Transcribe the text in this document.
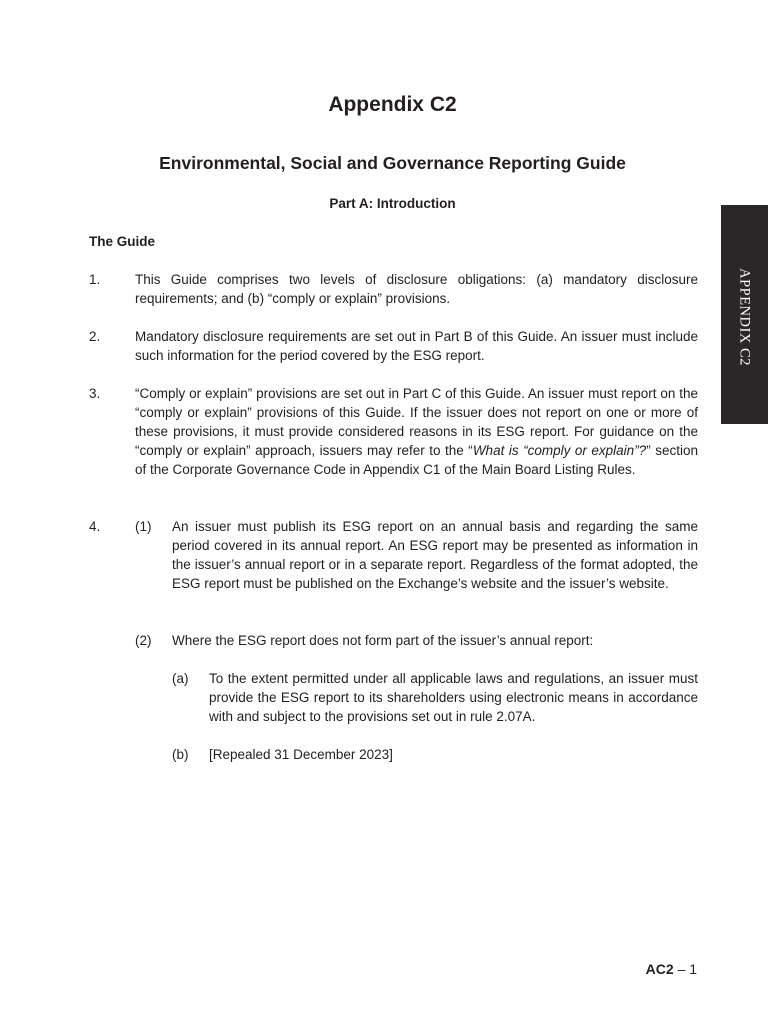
Appendix C2
Environmental, Social and Governance Reporting Guide
Part A: Introduction
The Guide
1.	This Guide comprises two levels of disclosure obligations: (a) mandatory disclosure requirements; and (b) “comply or explain” provisions.

2.	Mandatory disclosure requirements are set out in Part B of this Guide. An issuer must include such information for the period covered by the ESG report.

3.	“Comply or explain” provisions are set out in Part C of this Guide. An issuer must report on the “comply or explain” provisions of this Guide. If the issuer does not report on one or more of these provisions, it must provide considered reasons in its ESG report. For guidance on the “comply or explain” approach, issuers may refer to the “What is “comply or explain”?” section of the Corporate Governance Code in Appendix C1 of the Main Board Listing Rules.

4.	(1) An issuer must publish its ESG report on an annual basis and regarding the same period covered in its annual report. An ESG report may be presented as information in the issuer’s annual report or in a separate report. Regardless of the format adopted, the ESG report must be published on the Exchange’s website and the issuer’s website.

(2) Where the ESG report does not form part of the issuer’s annual report:

(a) To the extent permitted under all applicable laws and regulations, an issuer must provide the ESG report to its shareholders using electronic means in accordance with and subject to the provisions set out in rule 2.07A.

(b) [Repealed 31 December 2023]

APPENDIX C2

AC2 – 1
